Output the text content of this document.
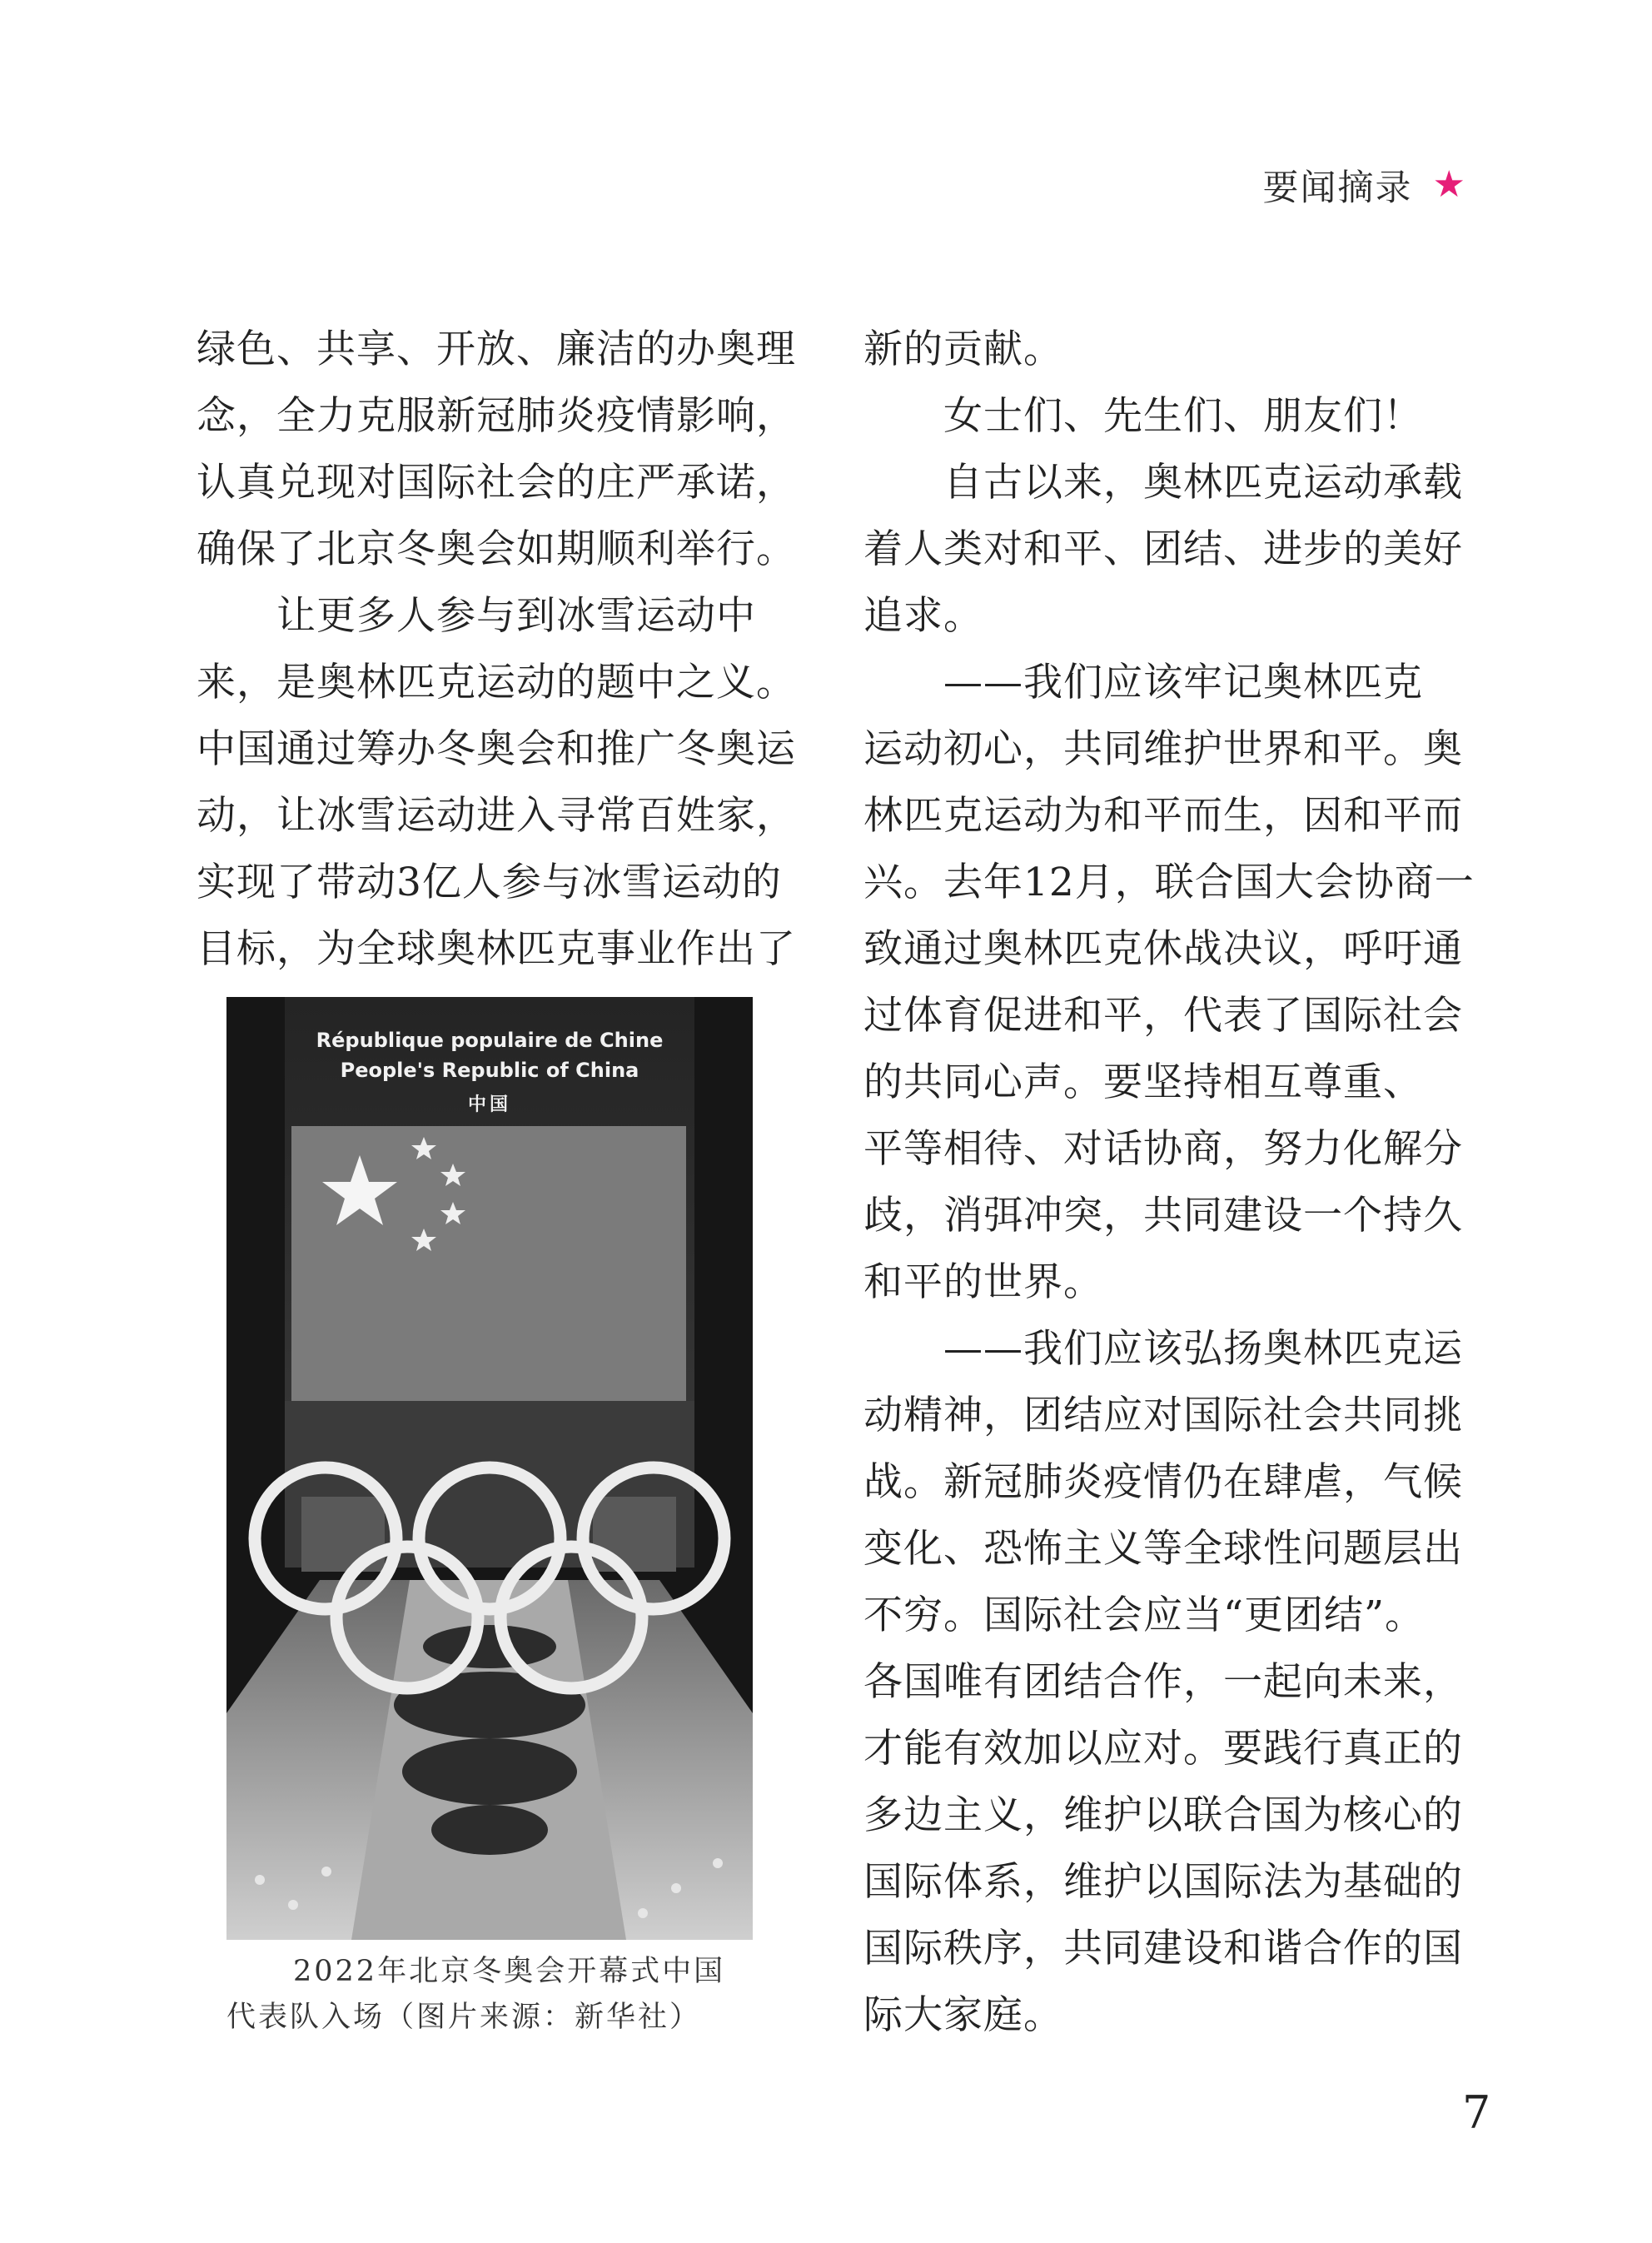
要闻摘录 ★
绿色、共享、开放、廉洁的办奥理
念，全力克服新冠肺炎疫情影响，
认真兑现对国际社会的庄严承诺，
确保了北京冬奥会如期顺利举行。
　　让更多人参与到冰雪运动中
来，是奥林匹克运动的题中之义。
中国通过筹办冬奥会和推广冬奥运
动，让冰雪运动进入寻常百姓家，
实现了带动3亿人参与冰雪运动的
目标，为全球奥林匹克事业作出了
République populaire de Chine
People's Republic of China
中国
2022年北京冬奥会开幕式中国
代表队入场（图片来源：新华社）
新的贡献。
　　女士们、先生们、朋友们！
　　自古以来，奥林匹克运动承载
着人类对和平、团结、进步的美好
追求。
　　——我们应该牢记奥林匹克
运动初心，共同维护世界和平。奥
林匹克运动为和平而生，因和平而
兴。去年12月，联合国大会协商一
致通过奥林匹克休战决议，呼吁通
过体育促进和平，代表了国际社会
的共同心声。要坚持相互尊重、
平等相待、对话协商，努力化解分
歧，消弭冲突，共同建设一个持久
和平的世界。
　　——我们应该弘扬奥林匹克运
动精神，团结应对国际社会共同挑
战。新冠肺炎疫情仍在肆虐，气候
变化、恐怖主义等全球性问题层出
不穷。国际社会应当“更团结”。
各国唯有团结合作，一起向未来，
才能有效加以应对。要践行真正的
多边主义，维护以联合国为核心的
国际体系，维护以国际法为基础的
国际秩序，共同建设和谐合作的国
际大家庭。
7
